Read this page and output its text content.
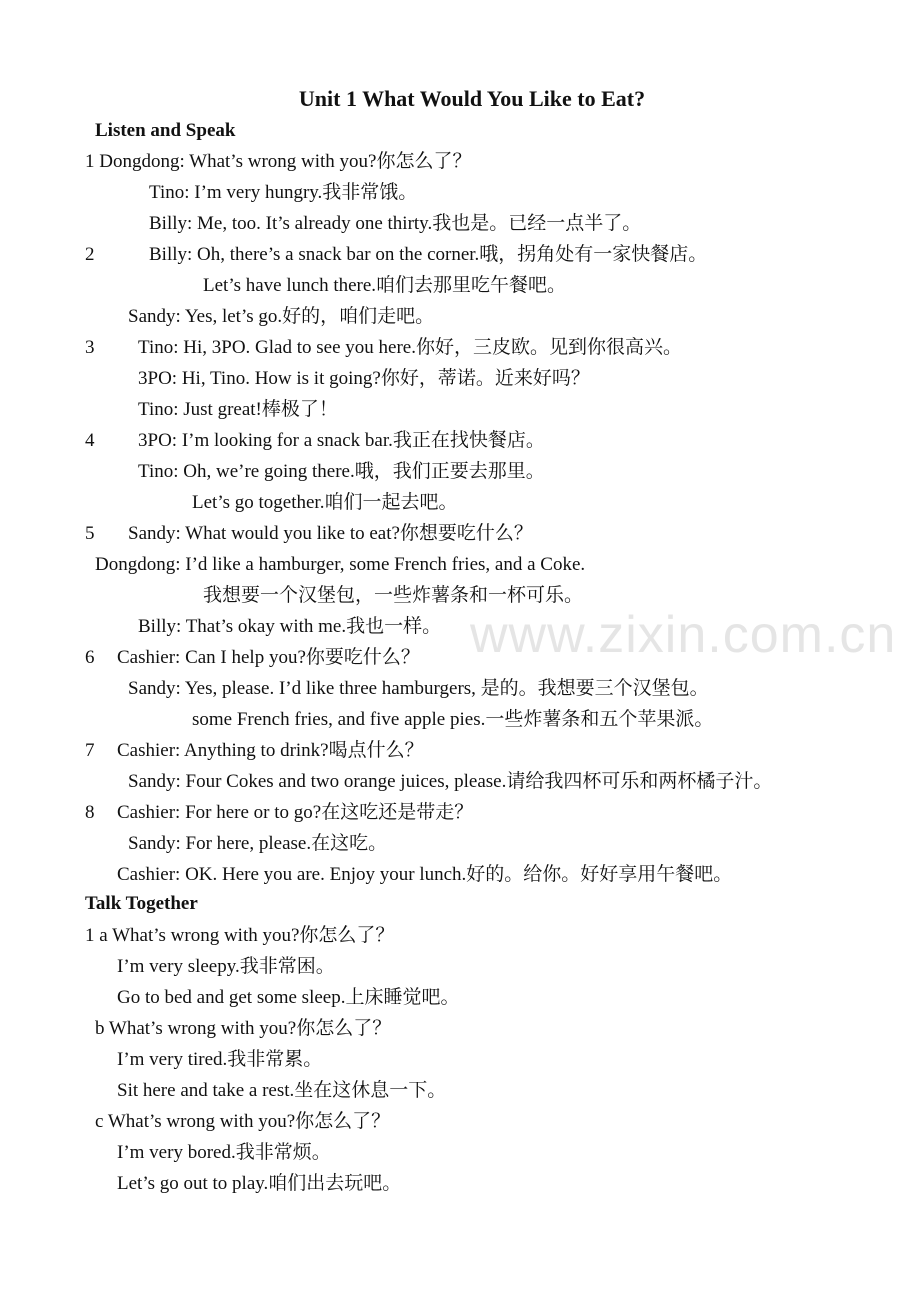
www.zixin.com.cn
Unit 1 What Would You Like to Eat?
Listen and Speak
1 Dongdong: What’s wrong with you?你怎么了？
Tino: I’m very hungry.我非常饿。
Billy: Me, too. It’s already one thirty.我也是。已经一点半了。
2	Billy: Oh, there’s a snack bar on the corner.哦，拐角处有一家快餐店。
Let’s have lunch there.咱们去那里吃午餐吧。
Sandy: Yes, let’s go.好的，咱们走吧。
3 Tino: Hi, 3PO. Glad to see you here.你好，三皮欧。见到你很高兴。
3PO: Hi, Tino. How is it going?你好，蒂诺。近来好吗？
Tino: Just great!棒极了！
4 3PO: I’m looking for a snack bar.我正在找快餐店。
Tino: Oh, we’re going there.哦，我们正要去那里。
Let’s go together.咱们一起去吧。
5 Sandy: What would you like to eat?你想要吃什么？
Dongdong: I’d like a hamburger, some French fries, and a Coke.
我想要一个汉堡包，一些炸薯条和一杯可乐。
Billy: That’s okay with me.我也一样。
6 Cashier: Can I help you?你要吃什么？
Sandy: Yes, please. I’d like three hamburgers, 是的。我想要三个汉堡包。
some French fries, and five apple pies.一些炸薯条和五个苹果派。
7 Cashier: Anything to drink?喝点什么？
Sandy: Four Cokes and two orange juices, please.请给我四杯可乐和两杯橘子汁。
8 Cashier: For here or to go?在这吃还是带走？
Sandy: For here, please.在这吃。
Cashier: OK. Here you are. Enjoy your lunch.好的。给你。好好享用午餐吧。
Talk Together
1 a What’s wrong with you?你怎么了？
I’m very sleepy.我非常困。
Go to bed and get some sleep.上床睡觉吧。
b What’s wrong with you?你怎么了？
I’m very tired.我非常累。
Sit here and take a rest.坐在这休息一下。
c What’s wrong with you?你怎么了？
I’m very bored.我非常烦。
Let’s go out to play.咱们出去玩吧。
